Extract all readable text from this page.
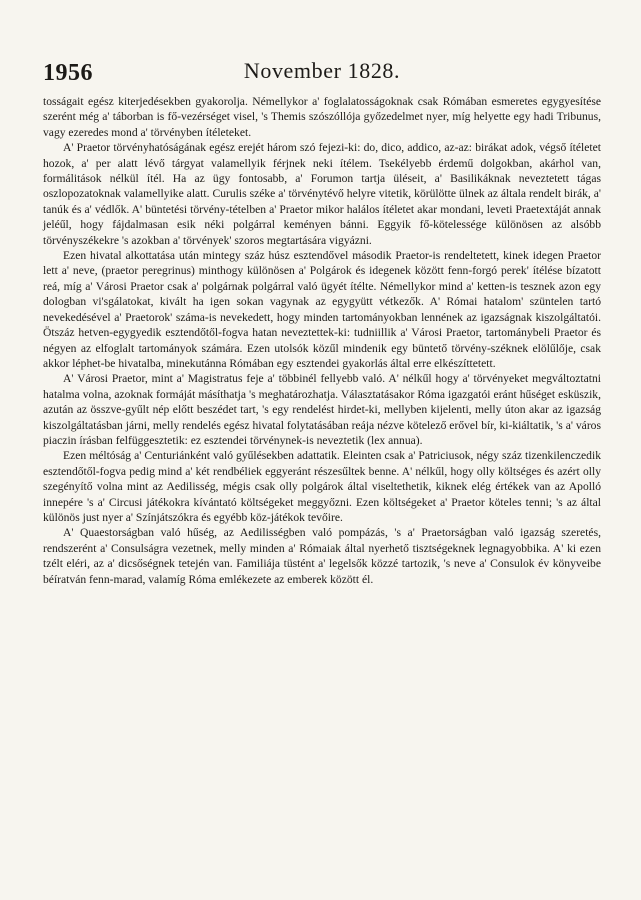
1956	November 1828.

tosságait egész kiterjedésekben gyakorolja. Némellykor a' foglalatosságoknak csak Rómában esmeretes egygyesítése szerént még a' táborban is fő-vezérséget visel, 's Themis szószóllója győzedelmet nyer, míg helyette egy hadi Tribunus, vagy ezeredes mond a' törvényben ítéleteket.

A' Praetor törvényhatóságának egész erejét három szó fejezi-ki: do, dico, addico, az-az: birákat adok, végső ítéletet hozok, a' per alatt lévő tárgyat valamellyik férjnek neki ítélem. Tsekélyebb érdemű dolgokban, akárhol van, formálitások nélkül ítél. Ha az ügy fontosabb, a' Forumon tartja üléseit, a' Basilikáknak neveztetett tágas oszlopozatoknak valamellyike alatt. Curulis széke a' törvénytévő helyre vitetik, körülötte ülnek az általa rendelt birák, a' tanúk és a' védlők. A' büntetési törvény-tételben a' Praetor mikor halálos ítéletet akar mondani, leveti Praetextáját annak jeléűl, hogy fájdalmasan esik néki polgárral keményen bánni. Eggyik fő-kötelessége különösen az alsóbb törvényszékekre 's azokban a' törvények' szoros megtartására vigyázni.

Ezen hivatal alkottatása után mintegy száz húsz esztendővel második Praetor-is rendeltetett, kinek idegen Praetor lett a' neve, (praetor peregrinus) minthogy különösen a' Polgárok és idegenek között fenn-forgó perek' ítélése bízatott reá, míg a' Városi Praetor csak a' polgárnak polgárral való ügyét ítélte. Némellykor mind a' ketten-is tesznek azon egy dologban vi'sgálatokat, kivált ha igen sokan vagynak az egygyütt vétkezők. A' Római hatalom' szüntelen tartó nevekedésével a' Praetorok' száma-is nevekedett, hogy minden tartományokban lennének az igazságnak kiszolgáltatói. Ötszáz hetven-egygyedik esztendőtől-fogva hatan neveztettek-ki: tudniillik a' Városi Praetor, tartománybeli Praetor és négyen az elfoglalt tartományok számára. Ezen utolsók közűl mindenik egy büntető törvény-széknek elölűlője, csak akkor léphet-be hivatalba, minekutánna Rómában egy esztendei gyakorlás által erre elkészíttetett.

A' Városi Praetor, mint a' Magistratus feje a' többinél fellyebb való. A' nélkűl hogy a' törvényeket megváltoztatni hatalma volna, azoknak formáját másíthatja 's meghatározhatja. Választatásakor Róma igazgatói eránt hűséget esküszik, azután az összve-gyűlt nép előtt beszédet tart, 's egy rendelést hirdet-ki, mellyben kijelenti, melly úton akar az igazság kiszolgáltatásban járni, melly rendelés egész hivatal folytatásában reája nézve kötelező erővel bír, ki-kiáltatik, 's a' város piaczin írásban felfüggesztetik: ez esztendei törvénynek-is neveztetik (lex annua).

Ezen méltóság a' Centuriánként való gyűlésekben adattatik. Eleinten csak a' Patriciusok, négy száz tizenkilenczedik esztendőtől-fogva pedig mind a' két rendbéliek eggyeránt részesűltek benne. A' nélkűl, hogy olly költséges és azért olly szegényítő volna mint az Aedilisség, mégis csak olly polgárok által viseltethetik, kiknek elég értékek van az Apolló innepére 's a' Circusi játékokra kívántató költségeket meggyőzni. Ezen költségeket a' Praetor köteles tenni; 's az által különös just nyer a' Színjátszókra és egyébb köz-játékok tevőire.

A' Quaestorságban való hűség, az Aedilisségben való pompázás, 's a' Praetorságban való igazság szeretés, rendszerént a' Consulságra vezetnek, melly minden a' Rómaiak által nyerhető tisztségeknek legnagyobbika. A' ki ezen tzélt eléri, az a' dicsőségnek tetején van. Familiája tüstént a' legelsők közzé tartozik, 's neve a' Consulok év könyveibe béíratván fenn-marad, valamíg Róma emlékezete az emberek között él.
